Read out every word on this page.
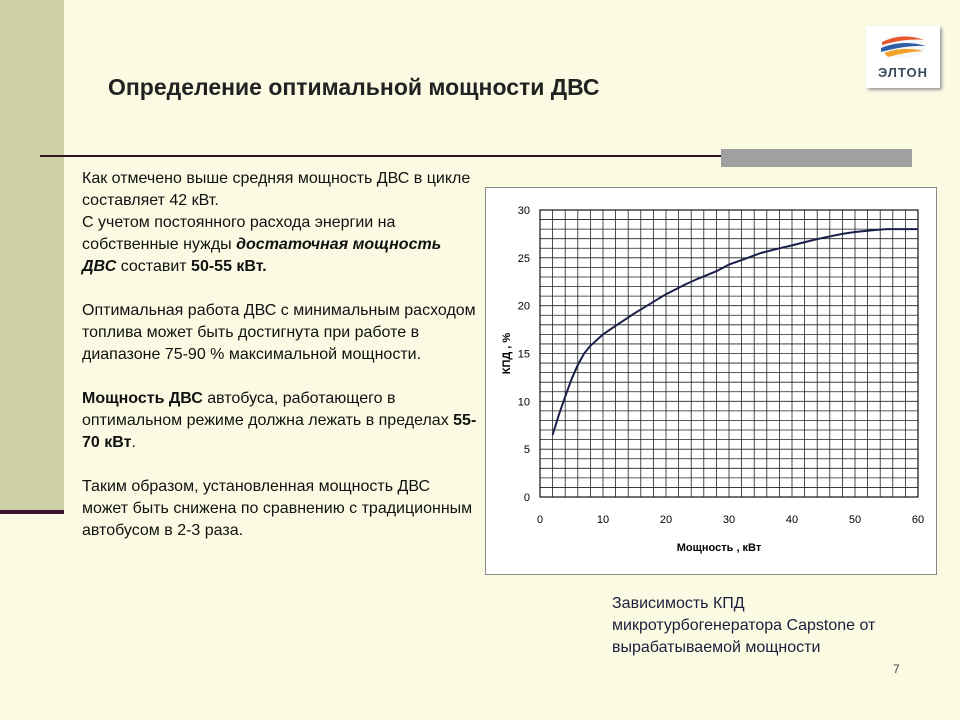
Определение оптимальной мощности ДВС
ЭЛТОН

Как отмечено выше средняя мощность ДВС в цикле составляет 42 кВт.
С учетом постоянного расхода энергии на собственные нужды достаточная мощность ДВС составит 50-55 кВт.

Оптимальная работа ДВС с минимальным расходом топлива может быть достигнута при работе в диапазоне 75-90 % максимальной мощности.

Мощность ДВС автобуса, работающего в оптимальном режиме должна лежать в пределах 55-70 кВт.

Таким образом, установленная мощность ДВС может быть снижена по сравнению с традиционным автобусом в 2-3 раза.

0	10	20	30	40	50	60
0
5
10
15
20
25
30
Мощность , кВт
КПД , %
Зависимость КПД
микротурбогенератора Capstone от
вырабатываемой мощности
7
